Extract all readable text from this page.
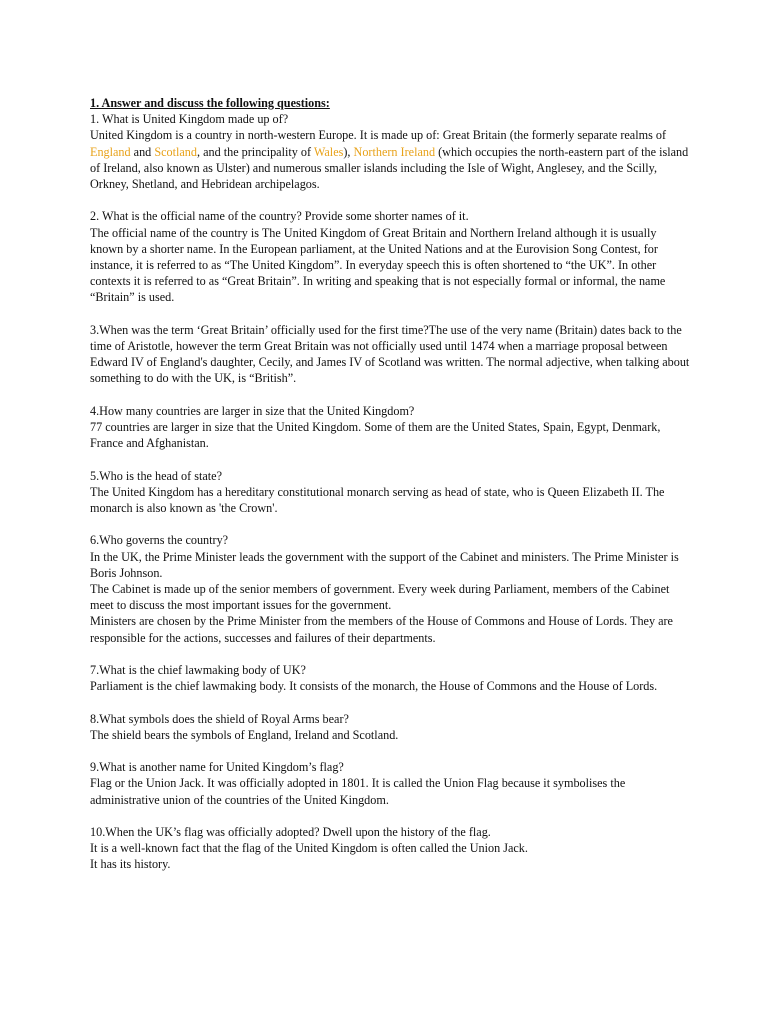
1. Answer and discuss the following questions:

1. What is United Kingdom made up of?

United Kingdom is a country in north-western Europe. It is made up of: Great Britain (the formerly separate realms of England and Scotland, and the principality of Wales), Northern Ireland (which occupies the north-eastern part of the island of Ireland, also known as Ulster) and numerous smaller islands including the Isle of Wight, Anglesey, and the Scilly, Orkney, Shetland, and Hebridean archipelagos.

2. What is the official name of the country? Provide some shorter names of it.

The official name of the country is The United Kingdom of Great Britain and Northern Ireland although it is usually known by a shorter name. In the European parliament, at the United Nations and at the Eurovision Song Contest, for instance, it is referred to as “The United Kingdom”. In everyday speech this is often shortened to “the UK”. In other contexts it is referred to as “Great Britain”. In writing and speaking that is not especially formal or informal, the name “Britain” is used.

3.When was the term ‘Great Britain’ officially used for the first time?The use of the very name (Britain) dates back to the time of Aristotle, however the term Great Britain was not officially used until 1474 when a marriage proposal between Edward IV of England's daughter, Cecily, and James IV of Scotland was written. The normal adjective, when talking about something to do with the UK, is “British”.

4.How many countries are larger in size that the United Kingdom?

77 countries are larger in size that the United Kingdom. Some of them are the United States, Spain, Egypt, Denmark, France and Afghanistan.

5.Who is the head of state?

The United Kingdom has a hereditary constitutional monarch serving as head of state, who is Queen Elizabeth II. The monarch is also known as 'the Crown'.

6.Who governs the country?

In the UK, the Prime Minister leads the government with the support of the Cabinet and ministers. The Prime Minister is Boris Johnson.

The Cabinet is made up of the senior members of government. Every week during Parliament, members of the Cabinet meet to discuss the most important issues for the government.

Ministers are chosen by the Prime Minister from the members of the House of Commons and House of Lords. They are responsible for the actions, successes and failures of their departments.

7.What is the chief lawmaking body of UK?

Parliament is the chief lawmaking body. It consists of the monarch, the House of Commons and the House of Lords.

8.What symbols does the shield of Royal Arms bear?

The shield bears the symbols of England, Ireland and Scotland.

9.What is another name for United Kingdom’s flag?

Flag or the Union Jack. It was officially adopted in 1801. It is called the Union Flag because it symbolises the administrative union of the countries of the United Kingdom.

10.When the UK’s flag was officially adopted? Dwell upon the history of the flag.

It is a well-known fact that the flag of the United Kingdom is often called the Union Jack.

It has its history.
